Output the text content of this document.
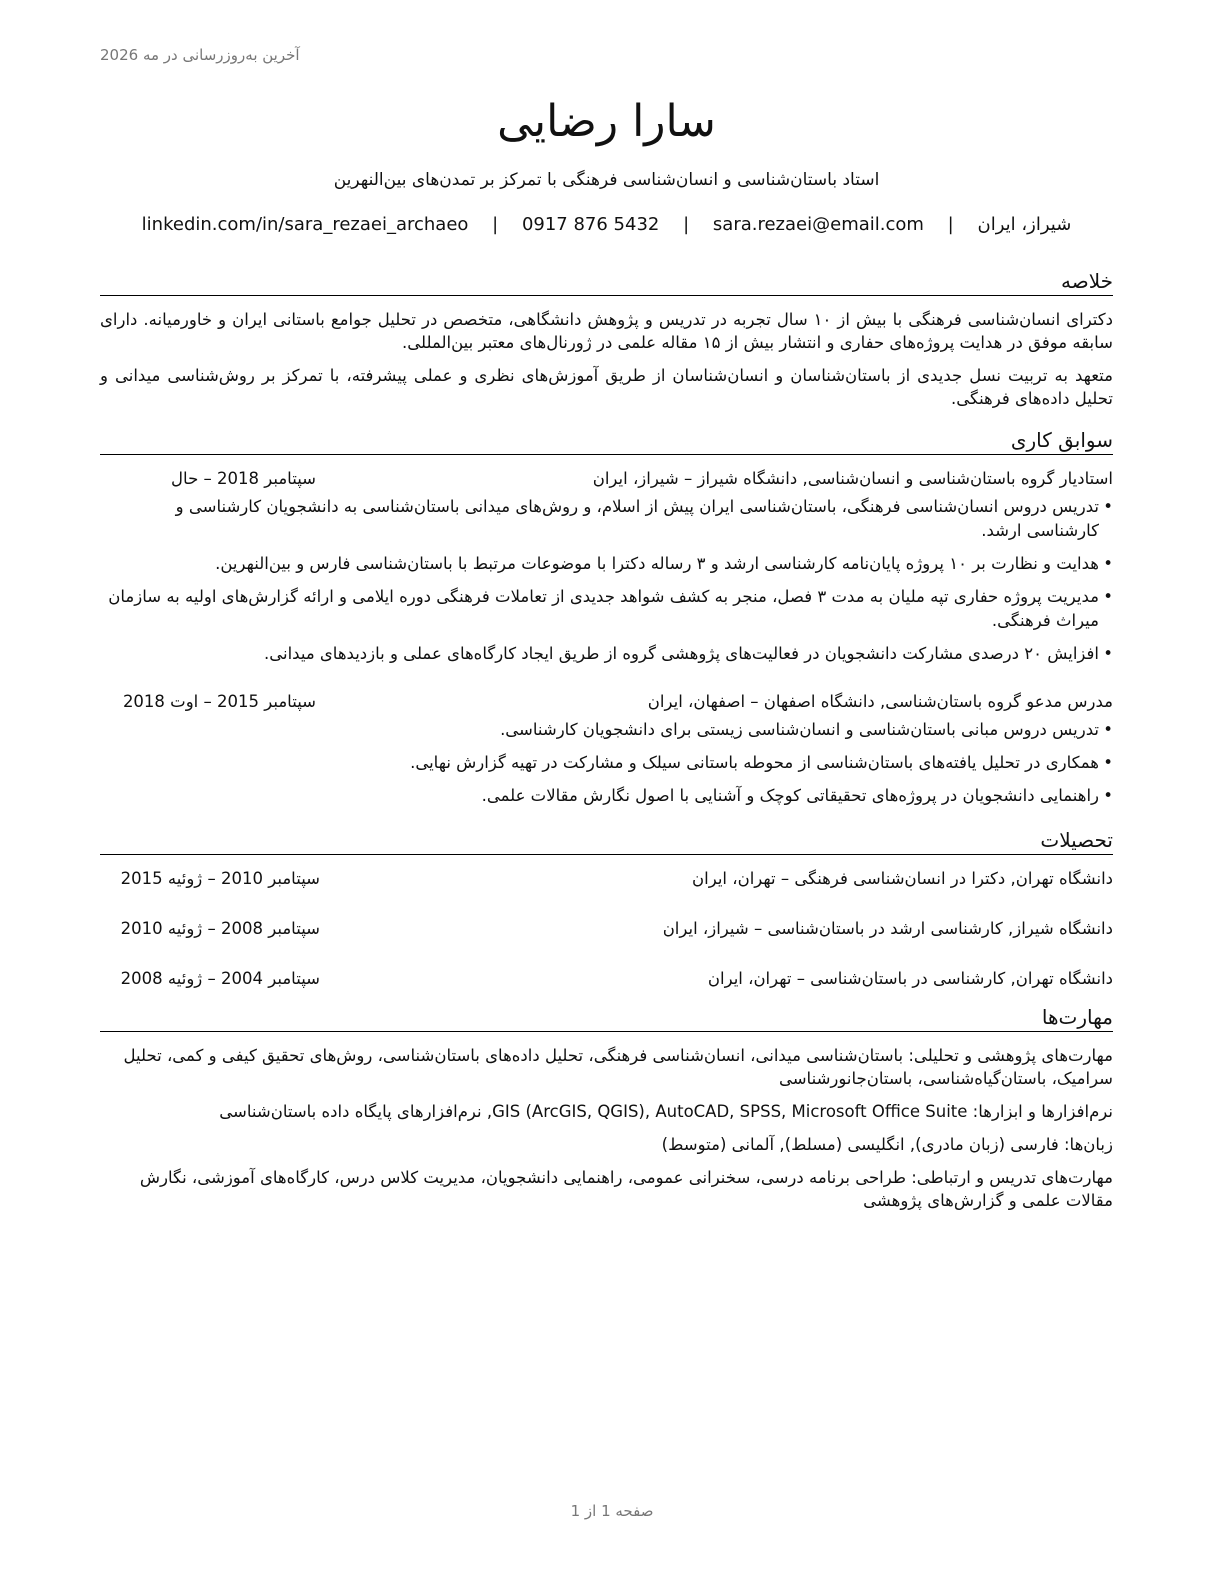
آخرین به‌روزرسانی در مه 2026
سارا رضایی
استاد باستان‌شناسی و انسان‌شناسی فرهنگی با تمرکز بر تمدن‌های بین‌النهرین
شیراز، ایران | sara.rezaei@email.com | 0917 876 5432 | linkedin.com/in/sara_rezaei_archaeo
خلاصه

دکترای انسان‌شناسی فرهنگی با بیش از ۱۰ سال تجربه در تدریس و پژوهش دانشگاهی، متخصص در تحلیل جوامع باستانی ایران و خاورمیانه. دارای سابقه موفق در هدایت پروژه‌های حفاری و انتشار بیش از ۱۵ مقاله علمی در ژورنال‌های معتبر بین‌المللی.

متعهد به تربیت نسل جدیدی از باستان‌شناسان و انسان‌شناسان از طریق آموزش‌های نظری و عملی پیشرفته، با تمرکز بر روش‌شناسی میدانی و تحلیل داده‌های فرهنگی.

سوابق کاری
استادیار گروه باستان‌شناسی و انسان‌شناسی, دانشگاه شیراز – شیراز، ایران
سپتامبر 2018 – حال
• تدریس دروس انسان‌شناسی فرهنگی، باستان‌شناسی ایران پیش از اسلام، و روش‌های میدانی باستان‌شناسی به دانشجویان کارشناسی و کارشناسی ارشد.
• هدایت و نظارت بر ۱۰ پروژه پایان‌نامه کارشناسی ارشد و ۳ رساله دکترا با موضوعات مرتبط با باستان‌شناسی فارس و بین‌النهرین.
• مدیریت پروژه حفاری تپه ملیان به مدت ۳ فصل، منجر به کشف شواهد جدیدی از تعاملات فرهنگی دوره ایلامی و ارائه گزارش‌های اولیه به سازمان میراث فرهنگی.
• افزایش ۲۰ درصدی مشارکت دانشجویان در فعالیت‌های پژوهشی گروه از طریق ایجاد کارگاه‌های عملی و بازدیدهای میدانی.
مدرس مدعو گروه باستان‌شناسی, دانشگاه اصفهان – اصفهان، ایران
سپتامبر 2015 – اوت 2018
• تدریس دروس مبانی باستان‌شناسی و انسان‌شناسی زیستی برای دانشجویان کارشناسی.
• همکاری در تحلیل یافته‌های باستان‌شناسی از محوطه باستانی سیلک و مشارکت در تهیه گزارش نهایی.
• راهنمایی دانشجویان در پروژه‌های تحقیقاتی کوچک و آشنایی با اصول نگارش مقالات علمی.
تحصیلات
دانشگاه تهران, دکترا در انسان‌شناسی فرهنگی – تهران، ایران
سپتامبر 2010 – ژوئیه 2015
دانشگاه شیراز, کارشناسی ارشد در باستان‌شناسی – شیراز، ایران
سپتامبر 2008 – ژوئیه 2010
دانشگاه تهران, کارشناسی در باستان‌شناسی – تهران، ایران
سپتامبر 2004 – ژوئیه 2008
مهارت‌ها
مهارت‌های پژوهشی و تحلیلی: باستان‌شناسی میدانی، انسان‌شناسی فرهنگی، تحلیل داده‌های باستان‌شناسی، روش‌های تحقیق کیفی و کمی، تحلیل سرامیک، باستان‌گیاه‌شناسی، باستان‌جانورشناسی
نرم‌افزارها و ابزارها: GIS (ArcGIS, QGIS), AutoCAD, SPSS, Microsoft Office Suite, نرم‌افزارهای پایگاه داده باستان‌شناسی
زبان‌ها: فارسی (زبان مادری), انگلیسی (مسلط), آلمانی (متوسط)
مهارت‌های تدریس و ارتباطی: طراحی برنامه درسی، سخنرانی عمومی، راهنمایی دانشجویان، مدیریت کلاس درس، کارگاه‌های آموزشی، نگارش مقالات علمی و گزارش‌های پژوهشی
صفحه 1 از 1
